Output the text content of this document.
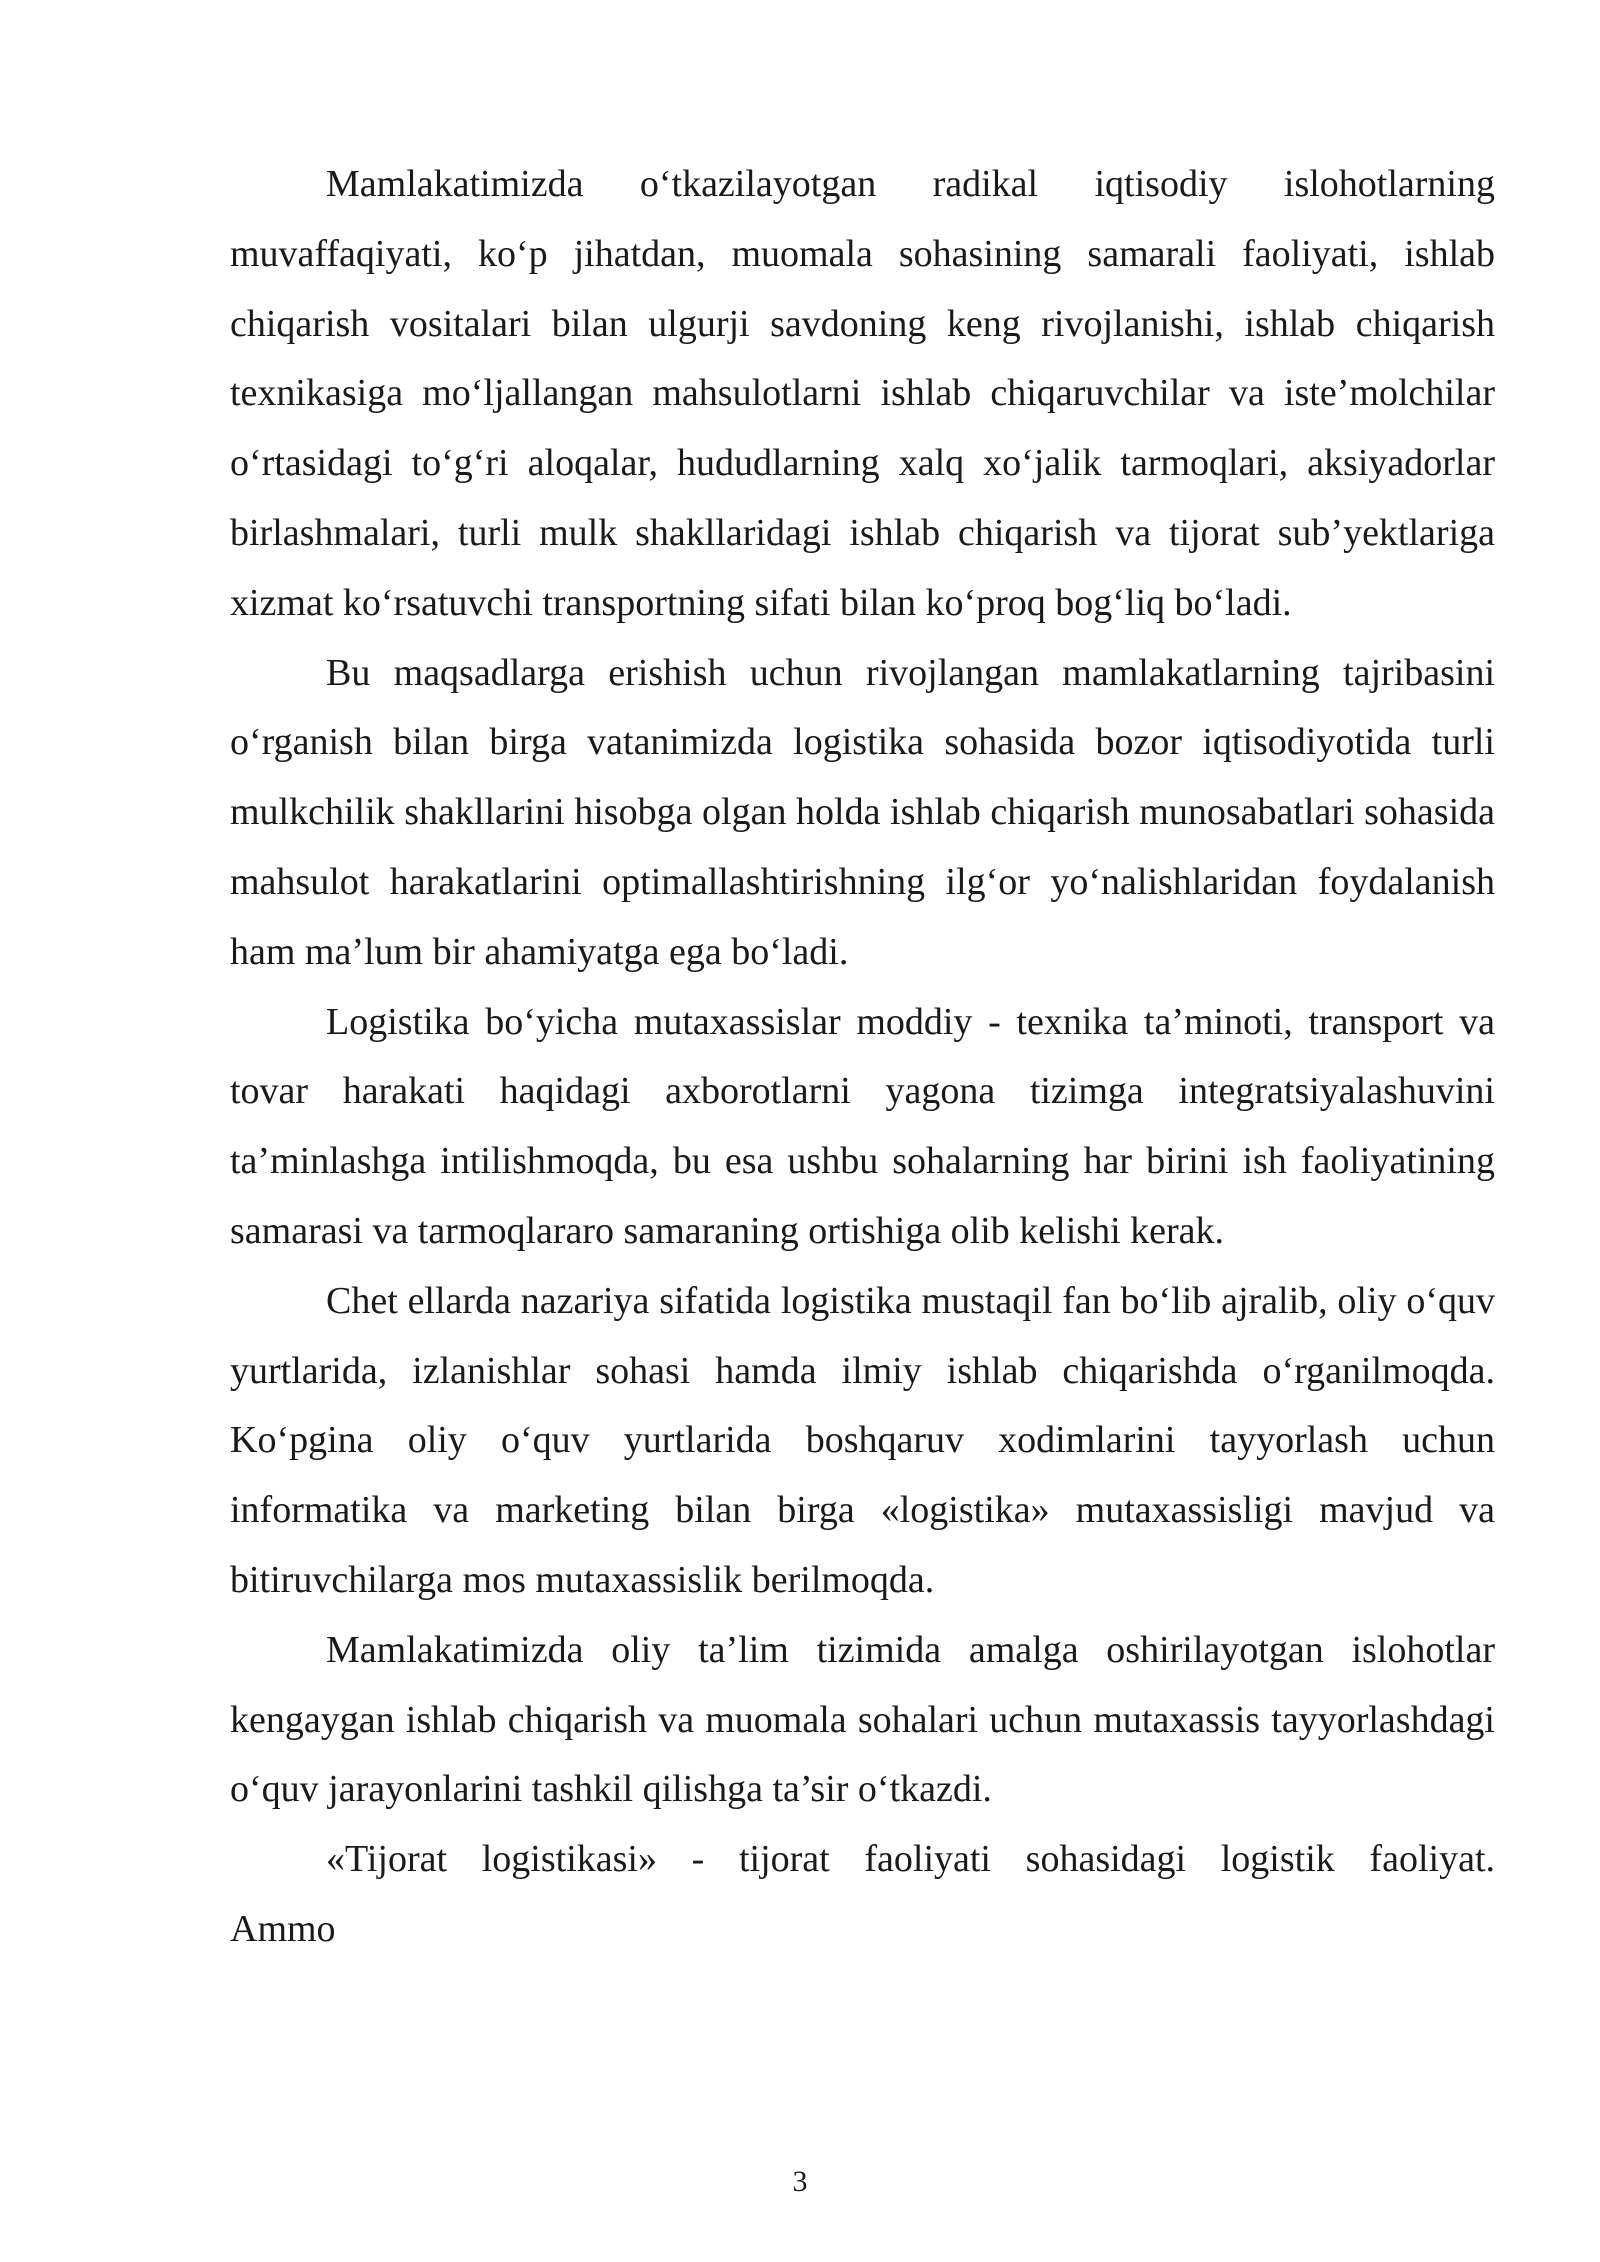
Mamlakatimizda o‘tkazilayotgan radikal iqtisodiy islohotlarning muvaffaqiyati, ko‘p jihatdan, muomala sohasining samarali faoliyati, ishlab chiqarish vositalari bilan ulgurji savdoning keng rivojlanishi, ishlab chiqarish texnikasiga mo‘ljallangan mahsulotlarni ishlab chiqaruvchilar va iste’molchilar o‘rtasidagi to‘g‘ri aloqalar, hududlarning xalq xo‘jalik tarmoqlari, aksiyadorlar birlashmalari, turli mulk shakllaridagi ishlab chiqarish va tijorat sub’yektlariga xizmat ko‘rsatuvchi transportning sifati bilan ko‘proq bog‘liq bo‘ladi.

Bu maqsadlarga erishish uchun rivojlangan mamlakatlarning tajribasini o‘rganish bilan birga vatanimizda logistika sohasida bozor iqtisodiyotida turli mulkchilik shakllarini hisobga olgan holda ishlab chiqarish munosabatlari sohasida mahsulot harakatlarini optimallashtirishning ilg‘or yo‘nalishlaridan foydalanish ham ma’lum bir ahamiyatga ega bo‘ladi.

Logistika bo‘yicha mutaxassislar moddiy - texnika ta’minoti, transport va tovar harakati haqidagi axborotlarni yagona tizimga integratsiyalashuvini ta’minlashga intilishmoqda, bu esa ushbu sohalarning har birini ish faoliyatining samarasi va tarmoqlararo samaraning ortishiga olib kelishi kerak.

Chet ellarda nazariya sifatida logistika mustaqil fan bo‘lib ajralib, oliy o‘quv yurtlarida, izlanishlar sohasi hamda ilmiy ishlab chiqarishda o‘rganilmoqda. Ko‘pgina oliy o‘quv yurtlarida boshqaruv xodimlarini tayyorlash uchun informatika va marketing bilan birga «logistika» mutaxassisligi mavjud va bitiruvchilarga mos mutaxassislik berilmoqda.

Mamlakatimizda oliy ta’lim tizimida amalga oshirilayotgan islohotlar kengaygan ishlab chiqarish va muomala sohalari uchun mutaxassis tayyorlashdagi o‘quv jarayonlarini tashkil qilishga ta’sir o‘tkazdi.

«Tijorat logistikasi» - tijorat faoliyati sohasidagi logistik faoliyat.

Ammo

3
